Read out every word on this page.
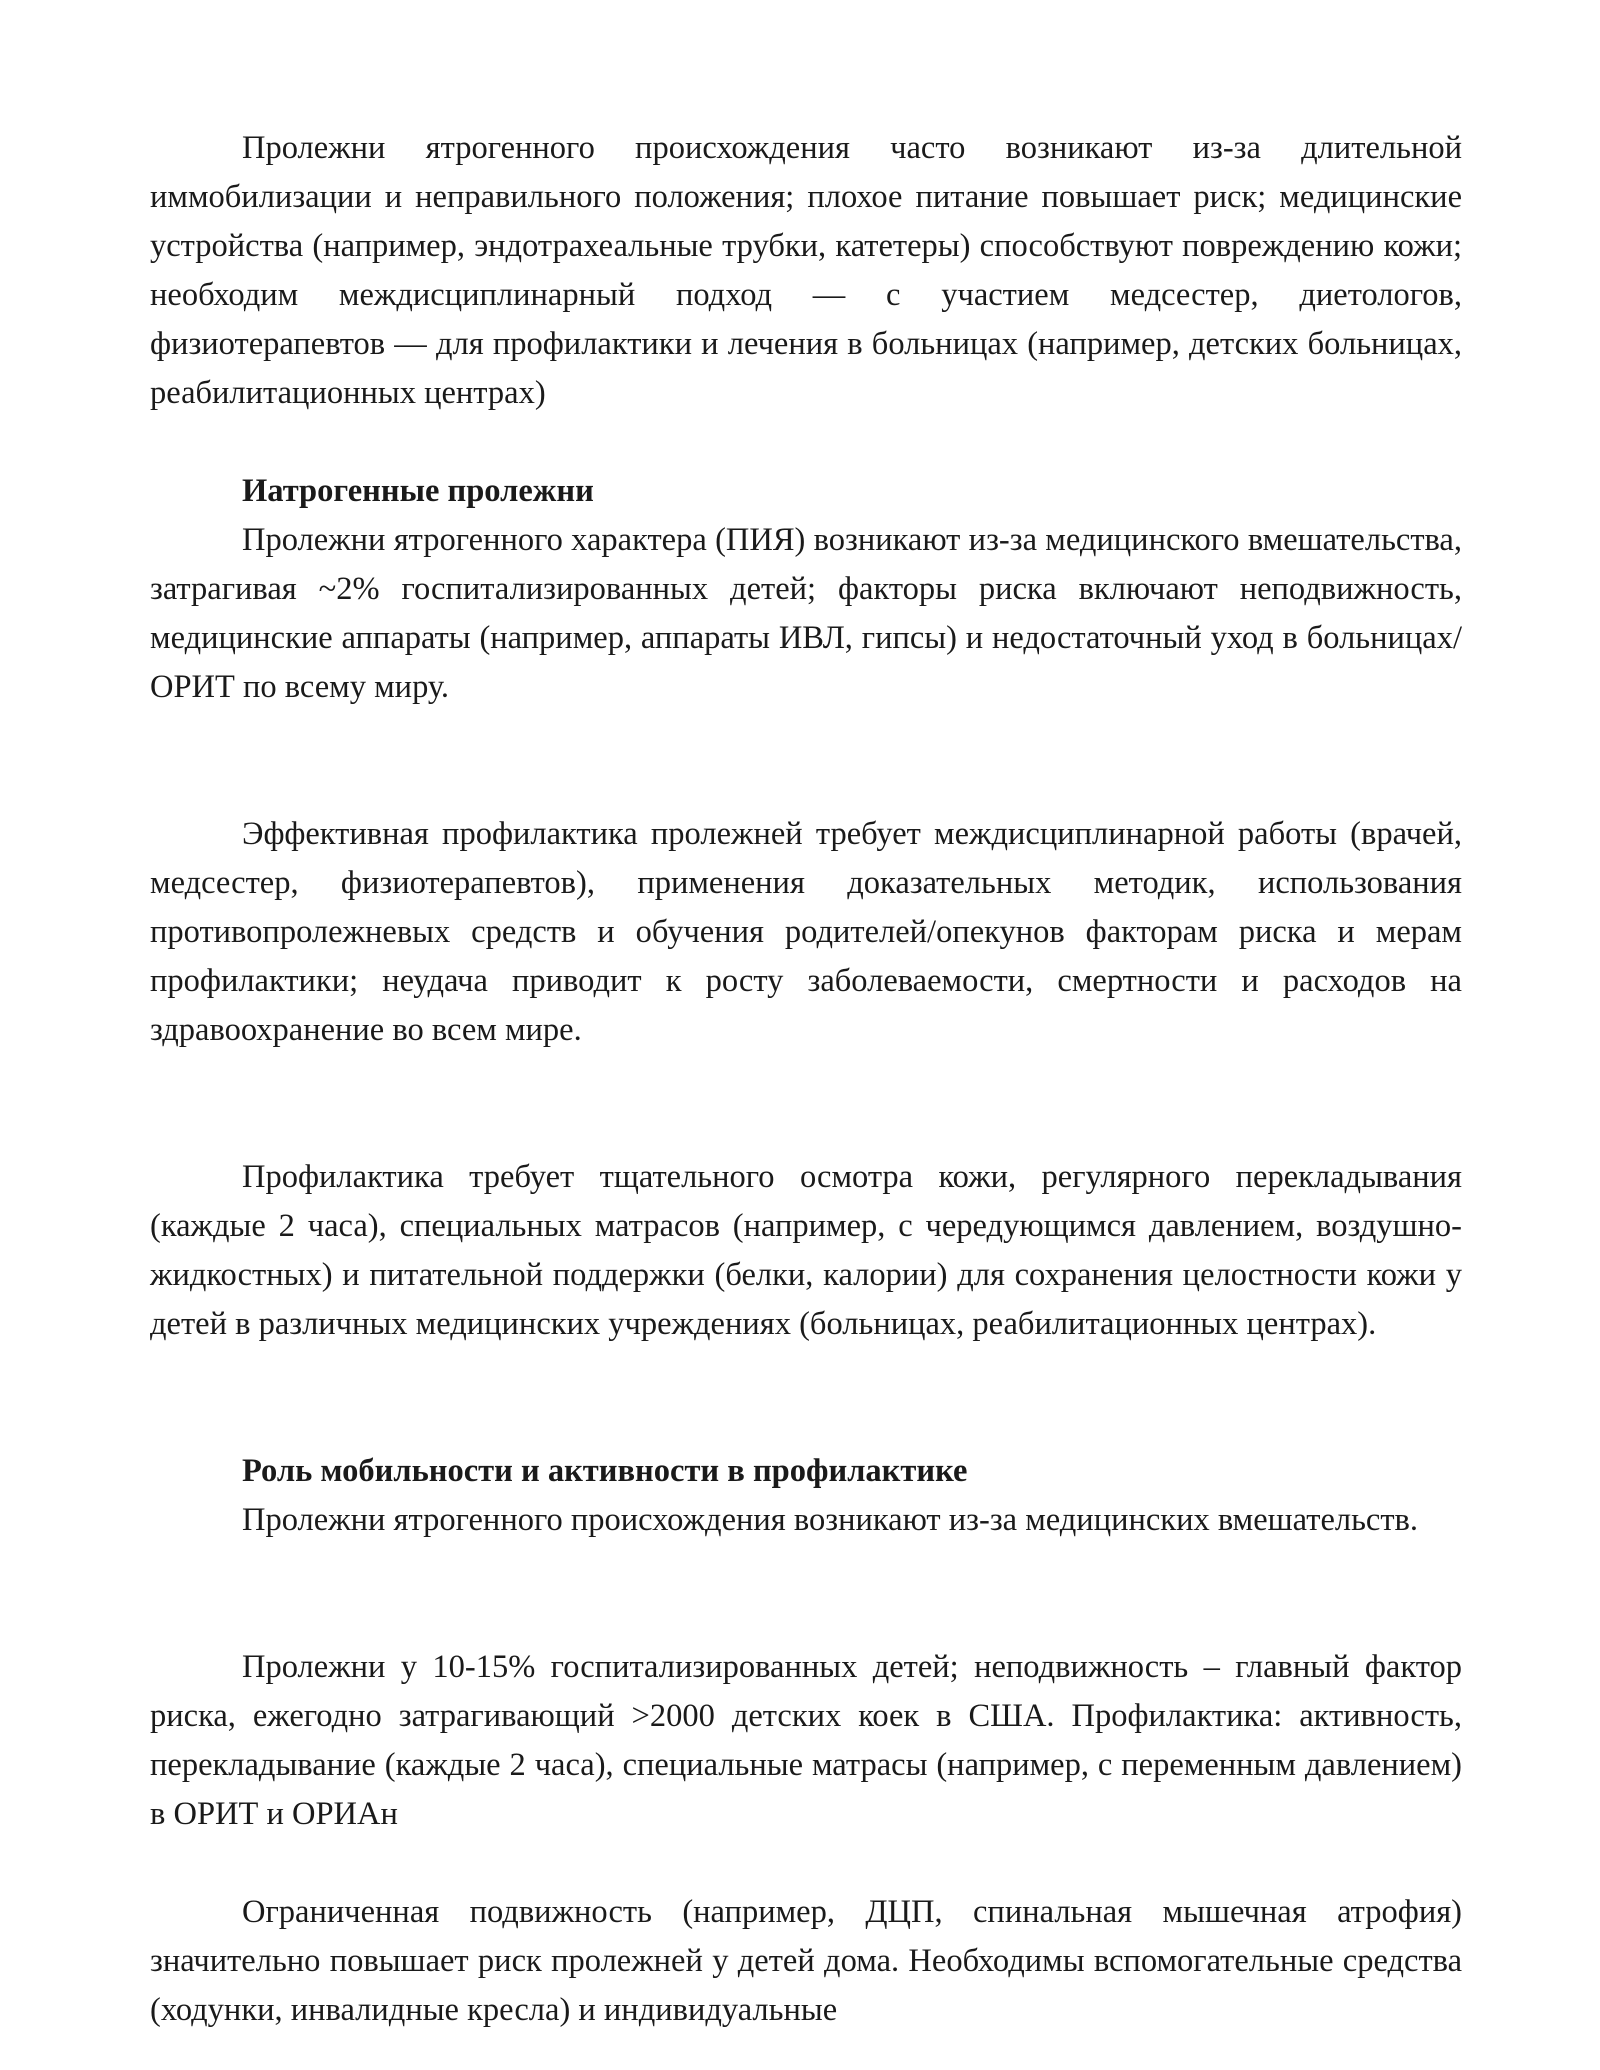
Пролежни ятрогенного происхождения часто возникают из-за длительной иммобилизации и неправильного положения; плохое питание повышает риск; медицинские устройства (например, эндотрахеальные трубки, катетеры) способствуют повреждению кожи; необходим междисциплинарный подход — с участием медсестер, диетологов, физиотерапевтов — для профилактики и лечения в больницах (например, детских больницах, реабилитационных центрах)

Иатрогенные пролежни

Пролежни ятрогенного характера (ПИЯ) возникают из-за медицинского вмешательства, затрагивая ~2% госпитализированных детей; факторы риска включают неподвижность, медицинские аппараты (например, аппараты ИВЛ, гипсы) и недостаточный уход в больницах/ОРИТ по всему миру.

Эффективная профилактика пролежней требует междисциплинарной работы (врачей, медсестер, физиотерапевтов), применения доказательных методик, использования противопролежневых средств и обучения родителей/опекунов факторам риска и мерам профилактики; неудача приводит к росту заболеваемости, смертности и расходов на здравоохранение во всем мире.

Профилактика требует тщательного осмотра кожи, регулярного перекладывания (каждые 2 часа), специальных матрасов (например, с чередующимся давлением, воздушно-жидкостных) и питательной поддержки (белки, калории) для сохранения целостности кожи у детей в различных медицинских учреждениях (больницах, реабилитационных центрах).

Роль мобильности и активности в профилактике

Пролежни ятрогенного происхождения возникают из-за медицинских вмешательств.

Пролежни у 10-15% госпитализированных детей; неподвижность – главный фактор риска, ежегодно затрагивающий >2000 детских коек в США. Профилактика: активность, перекладывание (каждые 2 часа), специальные матрасы (например, с переменным давлением) в ОРИТ и ОРИАн

Ограниченная подвижность (например, ДЦП, спинальная мышечная атрофия) значительно повышает риск пролежней у детей дома. Необходимы вспомогательные средства (ходунки, инвалидные кресла) и индивидуальные
